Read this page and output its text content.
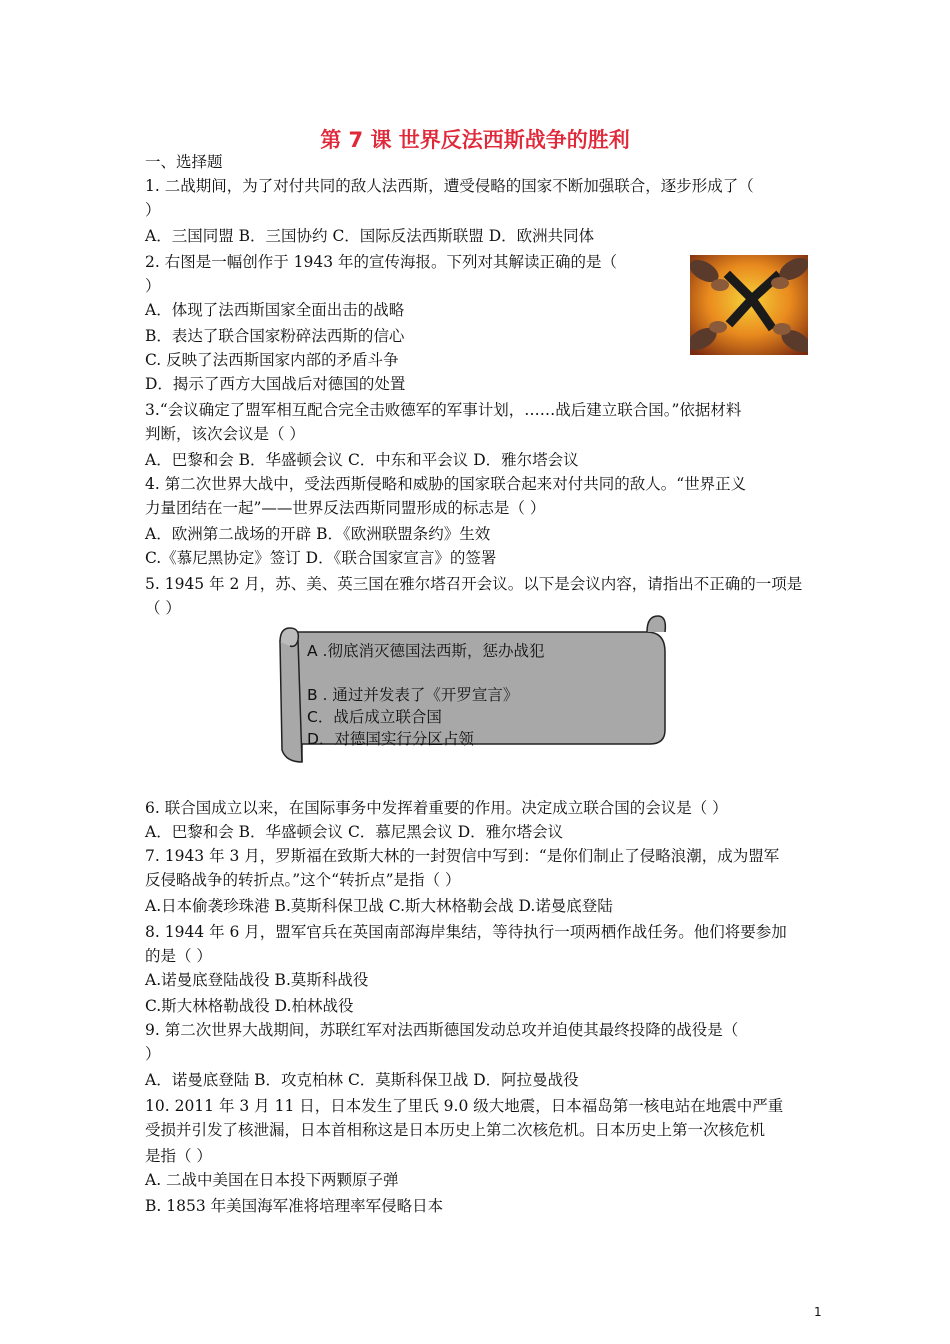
第 7 课 世界反法西斯战争的胜利
一、选择题
1. 二战期间，为了对付共同的敌人法西斯，遭受侵略的国家不断加强联合，逐步形成了（
）
A．三国同盟 B．三国协约 C．国际反法西斯联盟 D．欧洲共同体
2. 右图是一幅创作于 1943 年的宣传海报。下列对其解读正确的是（
）
A．体现了法西斯国家全面出击的战略
B．表达了联合国家粉碎法西斯的信心
C. 反映了法西斯国家内部的矛盾斗争
D．揭示了西方大国战后对德国的处置
3.“会议确定了盟军相互配合完全击败德军的军事计划，……战后建立联合国。”依据材料
判断，该次会议是（ ）
A．巴黎和会 B．华盛顿会议 C．中东和平会议 D．雅尔塔会议
4. 第二次世界大战中，受法西斯侵略和威胁的国家联合起来对付共同的敌人。“世界正义
力量团结在一起”——世界反法西斯同盟形成的标志是（ ）
A．欧洲第二战场的开辟 B．《欧洲联盟条约》生效
C.《慕尼黑协定》签订 D．《联合国家宣言》的签署
5. 1945 年 2 月，苏、美、英三国在雅尔塔召开会议。以下是会议内容，请指出不正确的一项是
（ ）
6. 联合国成立以来，在国际事务中发挥着重要的作用。决定成立联合国的会议是（ ）
A．巴黎和会 B．华盛顿会议 C．慕尼黑会议 D．雅尔塔会议
7. 1943 年 3 月，罗斯福在致斯大林的一封贺信中写到：“是你们制止了侵略浪潮，成为盟军
反侵略战争的转折点。”这个“转折点”是指（ ）
A.日本偷袭珍珠港 B.莫斯科保卫战 C.斯大林格勒会战 D.诺曼底登陆
8. 1944 年 6 月，盟军官兵在英国南部海岸集结，等待执行一项两栖作战任务。他们将要参加
的是（ ）
A.诺曼底登陆战役 B.莫斯科战役
C.斯大林格勒战役 D.柏林战役
9. 第二次世界大战期间，苏联红军对法西斯德国发动总攻并迫使其最终投降的战役是（
）
A．诺曼底登陆 B．攻克柏林 C．莫斯科保卫战 D．阿拉曼战役
10. 2011 年 3 月 11 日，日本发生了里氏 9.0 级大地震，日本福岛第一核电站在地震中严重
受损并引发了核泄漏，日本首相称这是日本历史上第二次核危机。日本历史上第一次核危机
是指（ ）
A. 二战中美国在日本投下两颗原子弹
B. 1853 年美国海军准将培理率军侵略日本
A .彻底消灭德国法西斯，惩办战犯
B . 通过并发表了《开罗宣言》
C．战后成立联合国
D．对德国实行分区占领
1
